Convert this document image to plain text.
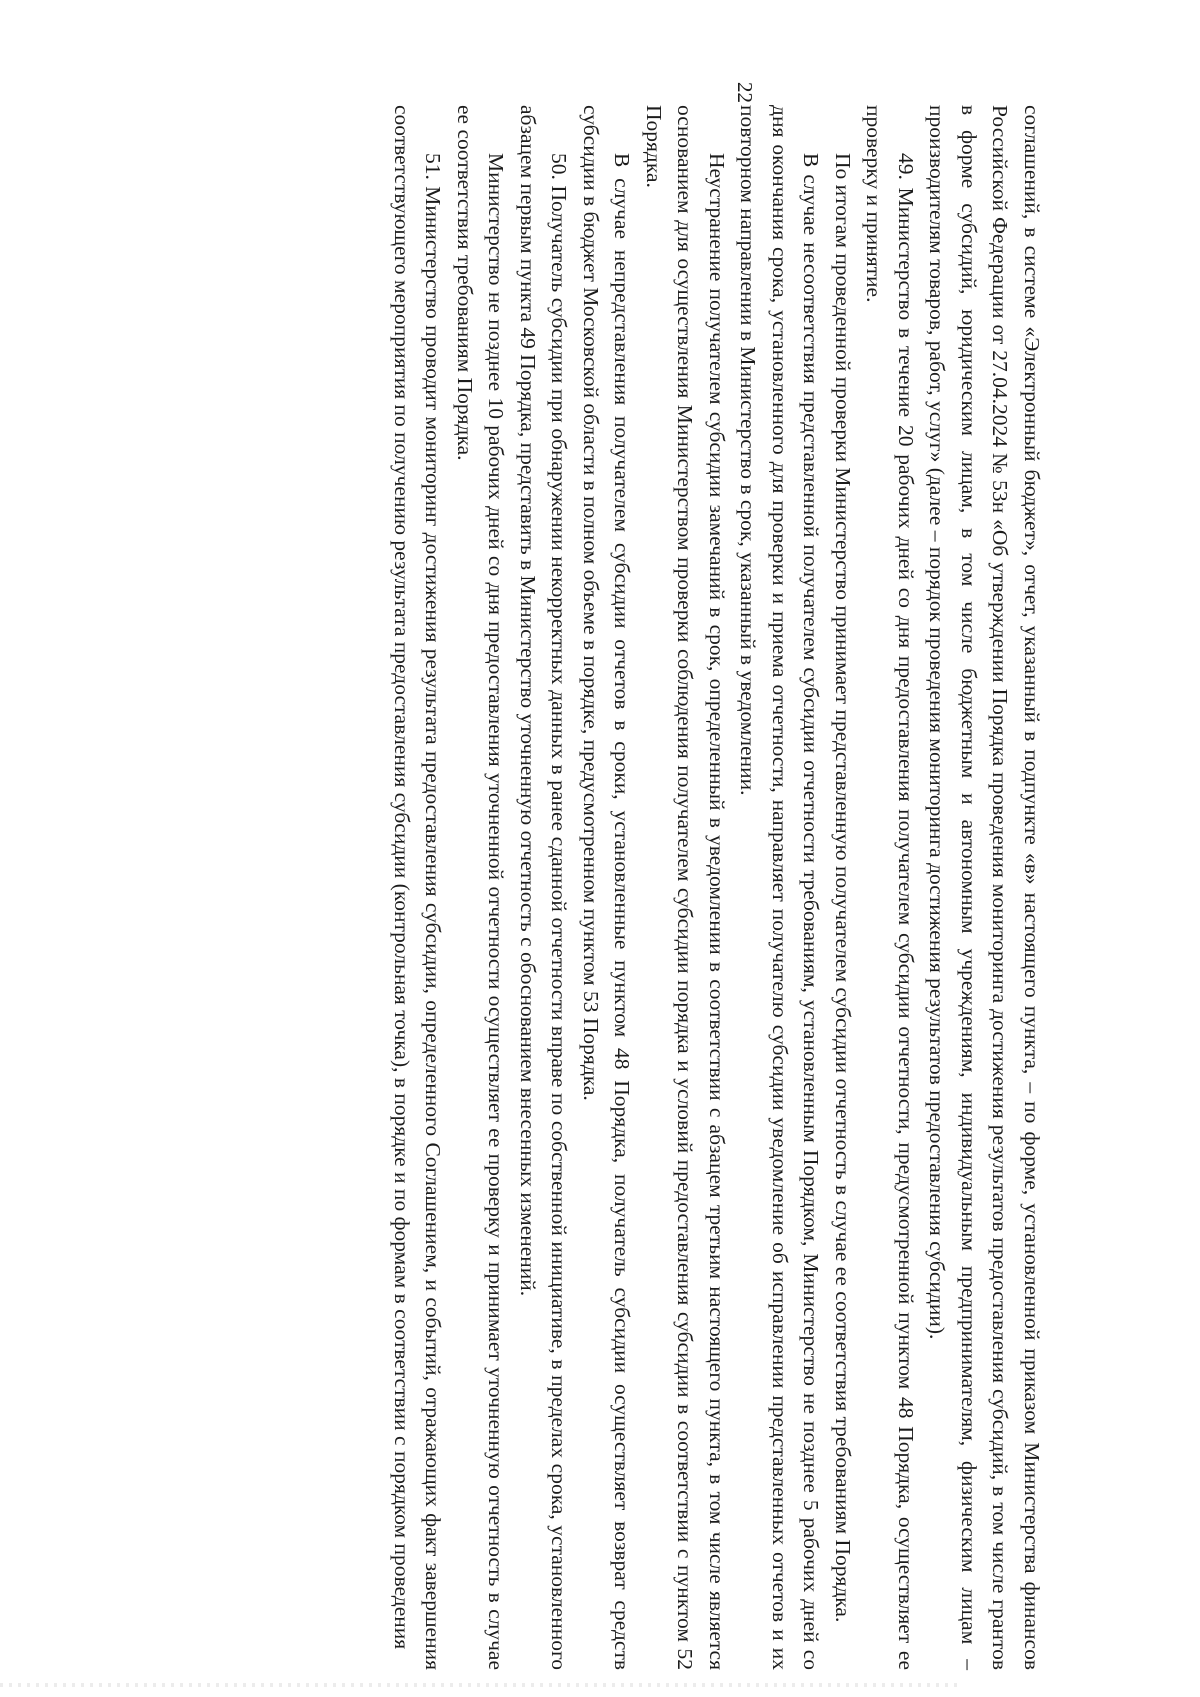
22

соглашений, в системе «Электронный бюджет», отчет, указанный в подпункте «в» настоящего пункта, – по форме, установленной приказом Министерства финансов Российской Федерации от 27.04.2024 № 53н «Об утверждении Порядка проведения мониторинга достижения результатов предоставления субсидий, в том числе грантов в форме субсидий, юридическим лицам, в том числе бюджетным и автономным учреждениям, индивидуальным предпринимателям, физическим лицам – производителям товаров, работ, услуг» (далее – порядок проведения мониторинга достижения результатов предоставления субсидии).

49. Министерство в течение 20 рабочих дней со дня предоставления получателем субсидии отчетности, предусмотренной пунктом 48 Порядка, осуществляет ее проверку и принятие.

По итогам проведенной проверки Министерство принимает представленную получателем субсидии отчетность в случае ее соответствия требованиям Порядка.

В случае несоответствия представленной получателем субсидии отчетности требованиям, установленным Порядком, Министерство не позднее 5 рабочих дней со дня окончания срока, установленного для проверки и приема отчетности, направляет получателю субсидии уведомление об исправлении представленных отчетов и их повторном направлении в Министерство в срок, указанный в уведомлении.

Неустранение получателем субсидии замечаний в срок, определенный в уведомлении в соответствии с абзацем третьим настоящего пункта, в том числе является основанием для осуществления Министерством проверки соблюдения получателем субсидии порядка и условий предоставления субсидии в соответствии с пунктом 52 Порядка.

В случае непредставления получателем субсидии отчетов в сроки, установленные пунктом 48 Порядка, получатель субсидии осуществляет возврат средств субсидии в бюджет Московской области в полном объеме в порядке, предусмотренном пунктом 53 Порядка.

50. Получатель субсидии при обнаружении некорректных данных в ранее сданной отчетности вправе по собственной инициативе, в пределах срока, установленного абзацем первым пункта 49 Порядка, представить в Министерство уточненную отчетность с обоснованием внесенных изменений.

Министерство не позднее 10 рабочих дней со дня предоставления уточненной отчетности осуществляет ее проверку и принимает уточненную отчетность в случае ее соответствия требованиям Порядка.

51. Министерство проводит мониторинг достижения результата предоставления субсидии, определенного Соглашением, и событий, отражающих факт завершения соответствующего мероприятия по получению результата предоставления субсидии (контрольная точка), в порядке и по формам в соответствии с порядком проведения
